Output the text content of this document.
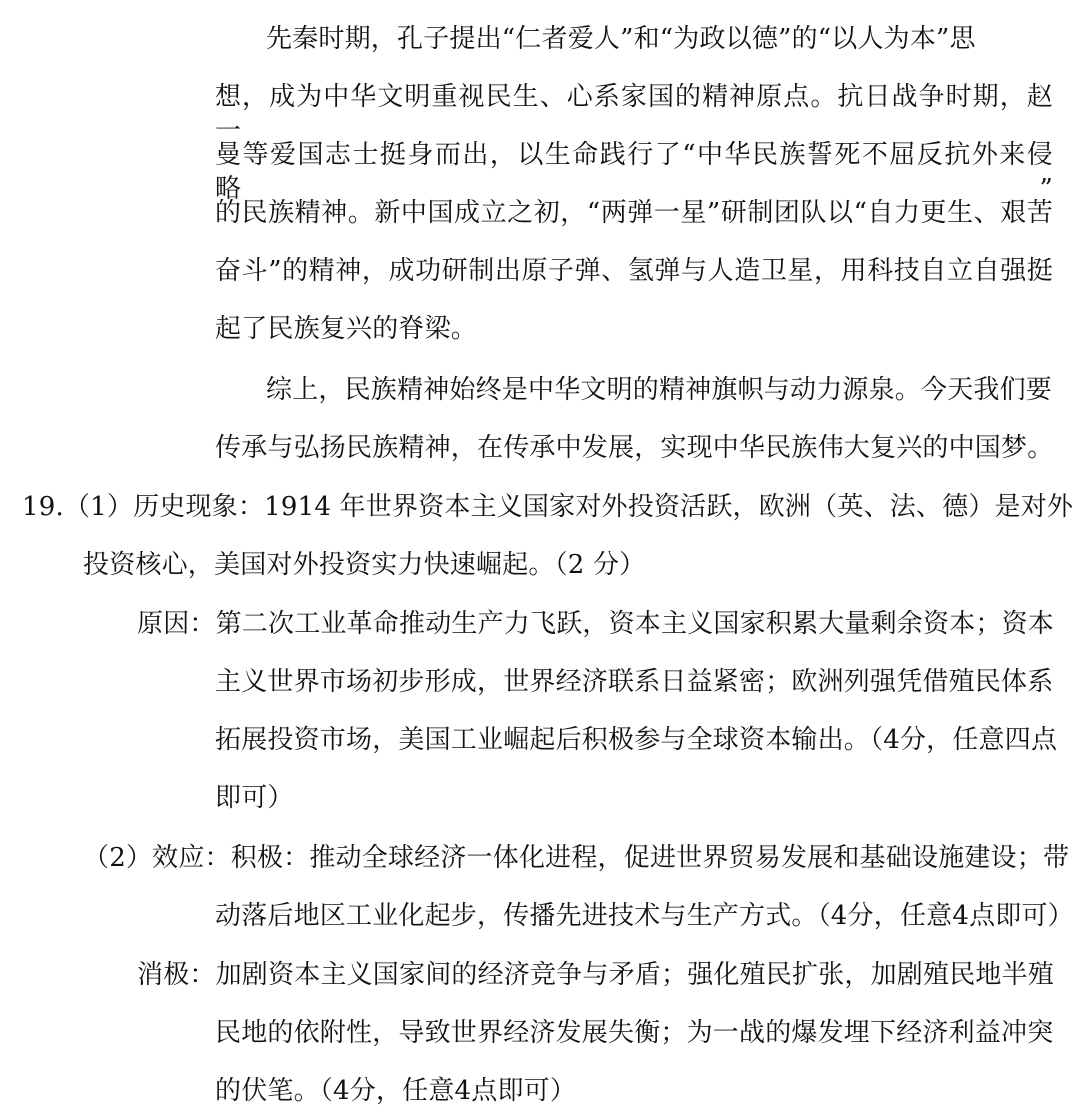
先秦时期，孔子提出“仁者爱人”和“为政以德”的“以人为本”思
想，成为中华文明重视民生、心系家国的精神原点。抗日战争时期，赵一
曼等爱国志士挺身而出，以生命践行了“中华民族誓死不屈反抗外来侵略”
的民族精神。新中国成立之初，“两弹一星”研制团队以“自力更生、艰苦
奋斗”的精神，成功研制出原子弹、氢弹与人造卫星，用科技自立自强挺
起了民族复兴的脊梁。
综上，民族精神始终是中华文明的精神旗帜与动力源泉。今天我们要
传承与弘扬民族精神，在传承中发展，实现中华民族伟大复兴的中国梦。
19.（1）历史现象：1914 年世界资本主义国家对外投资活跃，欧洲（英、法、德）是对外
投资核心，美国对外投资实力快速崛起。（2 分）
原因：第二次工业革命推动生产力飞跃，资本主义国家积累大量剩余资本；资本
主义世界市场初步形成，世界经济联系日益紧密；欧洲列强凭借殖民体系
拓展投资市场，美国工业崛起后积极参与全球资本输出。（4分，任意四点
即可）
（2）效应：积极：推动全球经济一体化进程，促进世界贸易发展和基础设施建设；带
动落后地区工业化起步，传播先进技术与生产方式。（4分，任意4点即可）
消极：加剧资本主义国家间的经济竞争与矛盾；强化殖民扩张，加剧殖民地半殖
民地的依附性，导致世界经济发展失衡；为一战的爆发埋下经济利益冲突
的伏笔。（4分，任意4点即可）
